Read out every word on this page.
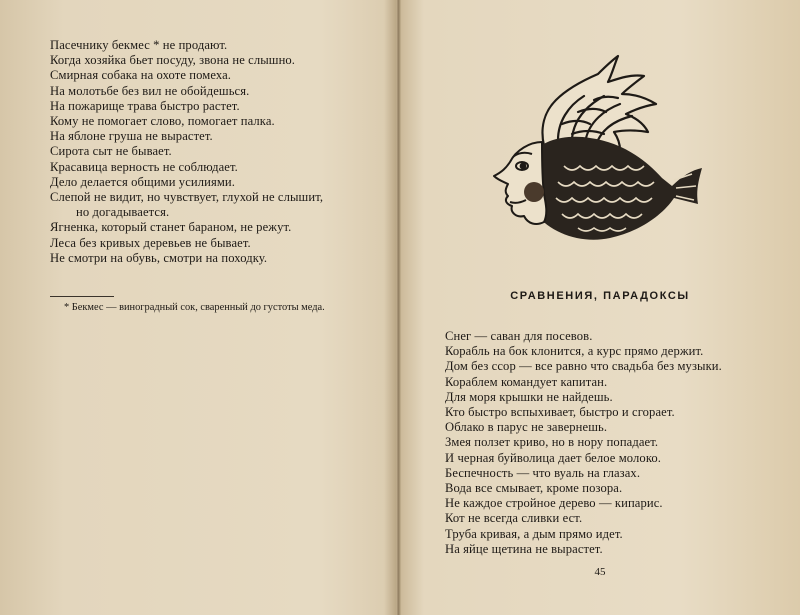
Пасечнику бекмес * не продают.
Когда хозяйка бьет посуду, звона не слышно.
Смирная собака на охоте помеха.
На молотьбе без вил не обойдешься.
На пожарище трава быстро растет.
Кому не помогает слово, помогает палка.
На яблоне груша не вырастет.
Сирота сыт не бывает.
Красавица верность не соблюдает.
Дело делается общими усилиями.
Слепой не видит, но чувствует, глухой не слышит,
но догадывается.
Ягненка, который станет бараном, не режут.
Леса без кривых деревьев не бывает.
Не смотри на обувь, смотри на походку.
* Бекмес — виноградный сок, сваренный до густоты меда.
СРАВНЕНИЯ, ПАРАДОКСЫ
Снег — саван для посевов.
Корабль на бок клонится, а курс прямо держит.
Дом без ссор — все равно что свадьба без музыки.
Кораблем командует капитан.
Для моря крышки не найдешь.
Кто быстро вспыхивает, быстро и сгорает.
Облако в парус не завернешь.
Змея ползет криво, но в нору попадает.
И черная буйволица дает белое молоко.
Беспечность — что вуаль на глазах.
Вода все смывает, кроме позора.
Не каждое стройное дерево — кипарис.
Кот не всегда сливки ест.
Труба кривая, а дым прямо идет.
На яйце щетина не вырастет.
45
